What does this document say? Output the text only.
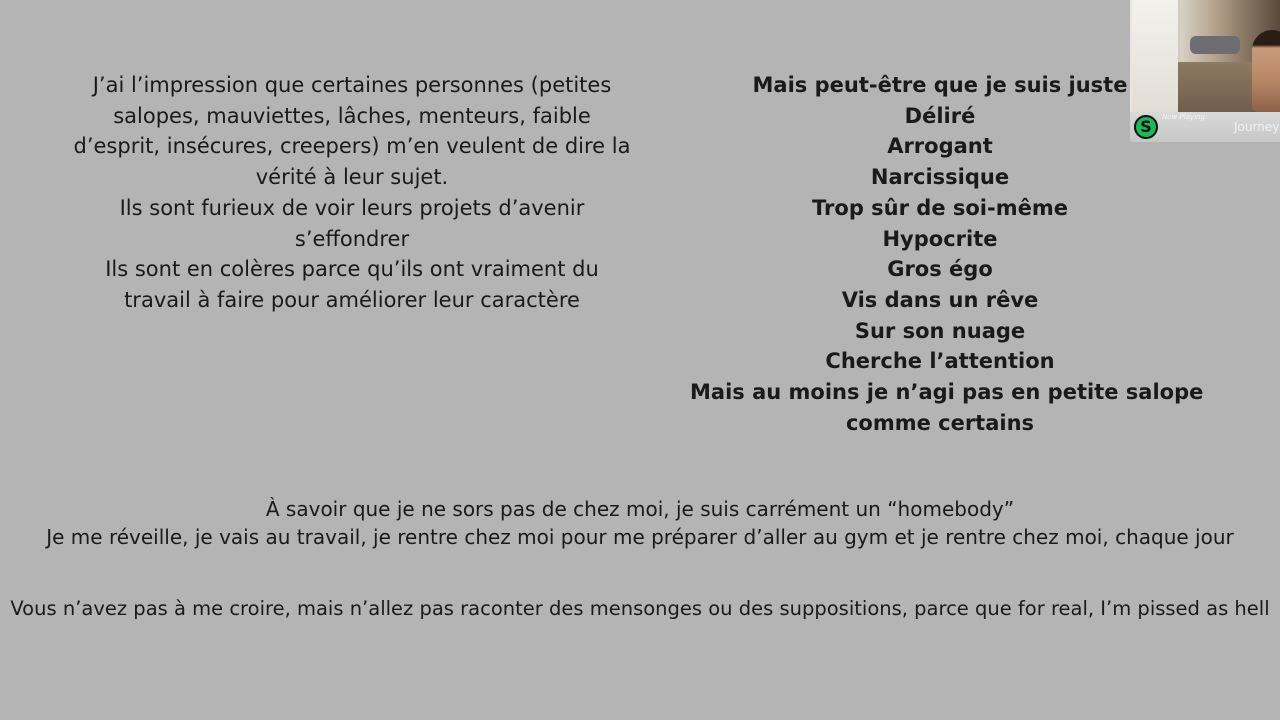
J’ai l’impression que certaines personnes (petites
salopes, mauviettes, lâches, menteurs, faible
d’esprit, insécures, creepers) m’en veulent de dire la
vérité à leur sujet.
Ils sont furieux de voir leurs projets d’avenir
s’effondrer
Ils sont en colères parce qu’ils ont vraiment du
travail à faire pour améliorer leur caractère
Mais peut-être que je suis juste
Déliré
Arrogant
Narcissique
Trop sûr de soi-même
Hypocrite
Gros égo
Vis dans un rêve
Sur son nuage
Cherche l’attention
Mais au moins je n’agi pas en petite salope
comme certains
À savoir que je ne sors pas de chez moi, je suis carrément un “homebody”
Je me réveille, je vais au travail, je rentre chez moi pour me préparer d’aller au gym et je rentre chez moi, chaque jour
Vous n’avez pas à me croire, mais n’allez pas raconter des mensonges ou des suppositions, parce que for real, I’m pissed as hell
S	Now Playing:
Journey
